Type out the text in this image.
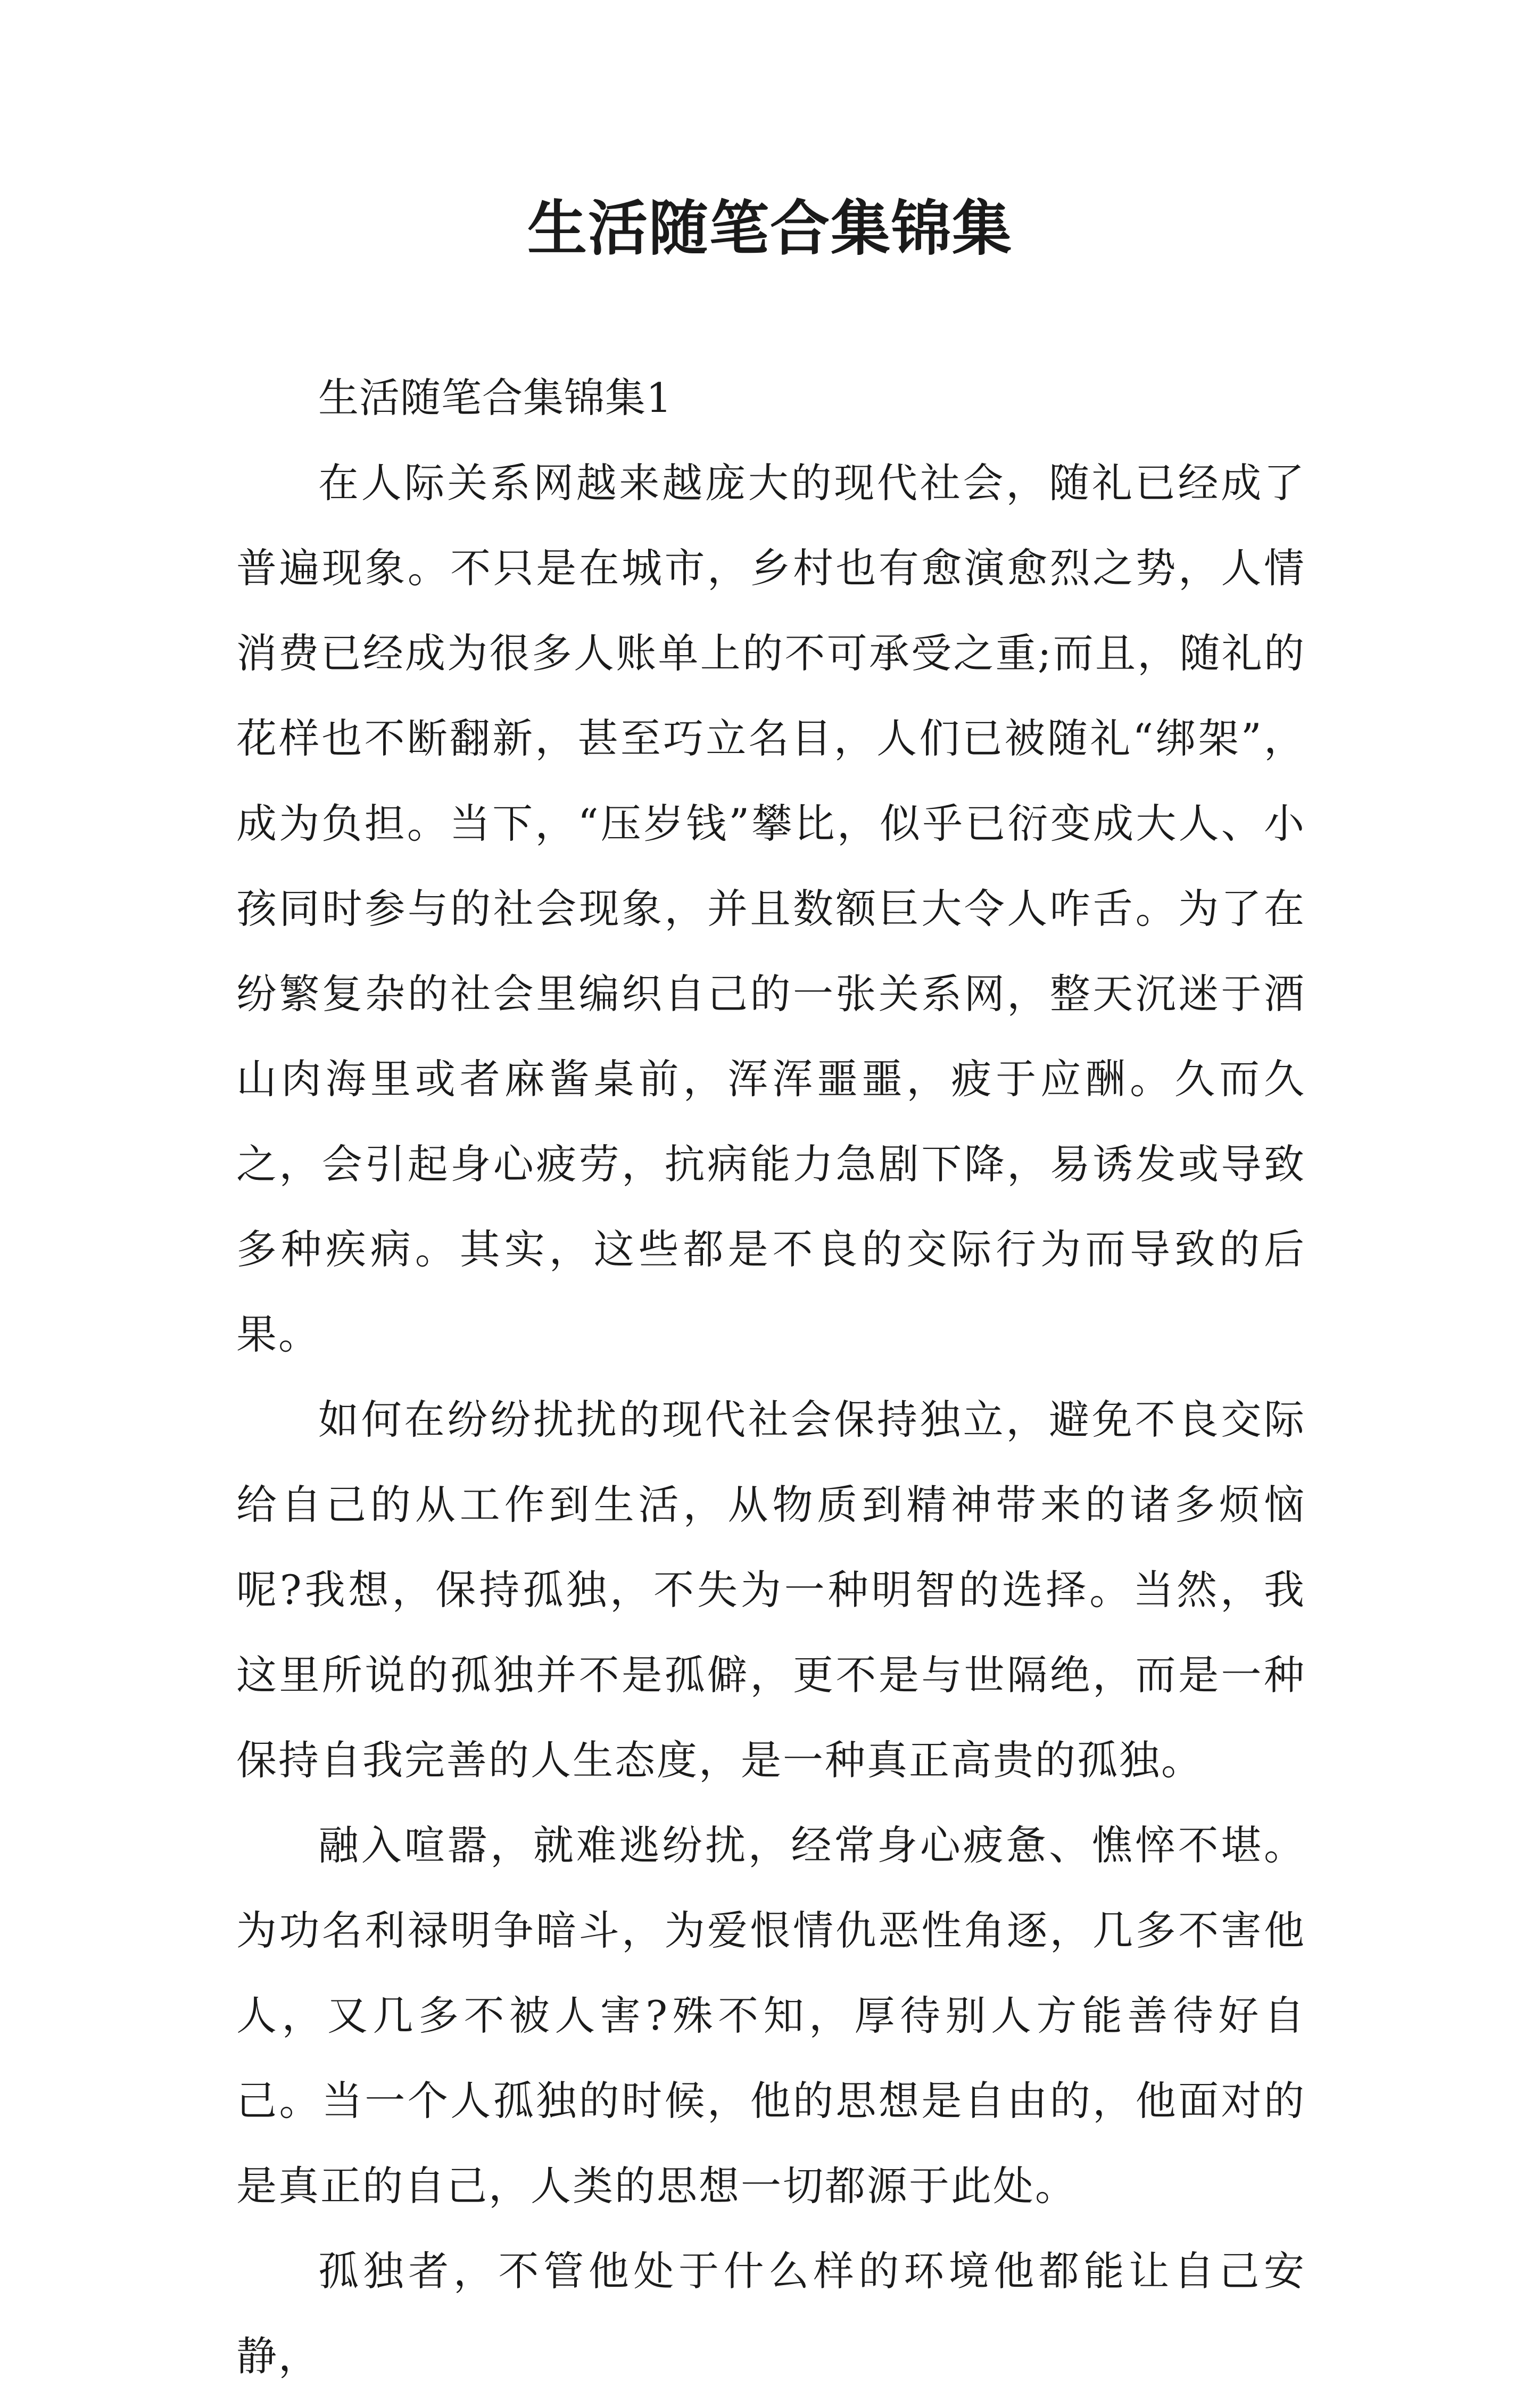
生活随笔合集锦集

生活随笔合集锦集1

在人际关系网越来越庞大的现代社会，随礼已经成了普遍现象。不只是在城市，乡村也有愈演愈烈之势，人情消费已经成为很多人账单上的不可承受之重;而且，随礼的花样也不断翻新，甚至巧立名目，人们已被随礼“绑架”，成为负担。当下，“压岁钱”攀比，似乎已衍变成大人、小孩同时参与的社会现象，并且数额巨大令人咋舌。为了在纷繁复杂的社会里编织自己的一张关系网，整天沉迷于酒山肉海里或者麻酱桌前，浑浑噩噩，疲于应酬。久而久之，会引起身心疲劳，抗病能力急剧下降，易诱发或导致多种疾病。其实，这些都是不良的交际行为而导致的后果。

如何在纷纷扰扰的现代社会保持独立，避免不良交际给自己的从工作到生活，从物质到精神带来的诸多烦恼呢?我想，保持孤独，不失为一种明智的选择。当然，我这里所说的孤独并不是孤僻，更不是与世隔绝，而是一种保持自我完善的人生态度，是一种真正高贵的孤独。

融入喧嚣，就难逃纷扰，经常身心疲惫、憔悴不堪。为功名利禄明争暗斗，为爱恨情仇恶性角逐，几多不害他人，又几多不被人害?殊不知，厚待别人方能善待好自己。当一个人孤独的时候，他的思想是自由的，他面对的是真正的自己，人类的思想一切都源于此处。

孤独者，不管他处于什么样的环境他都能让自己安静，
